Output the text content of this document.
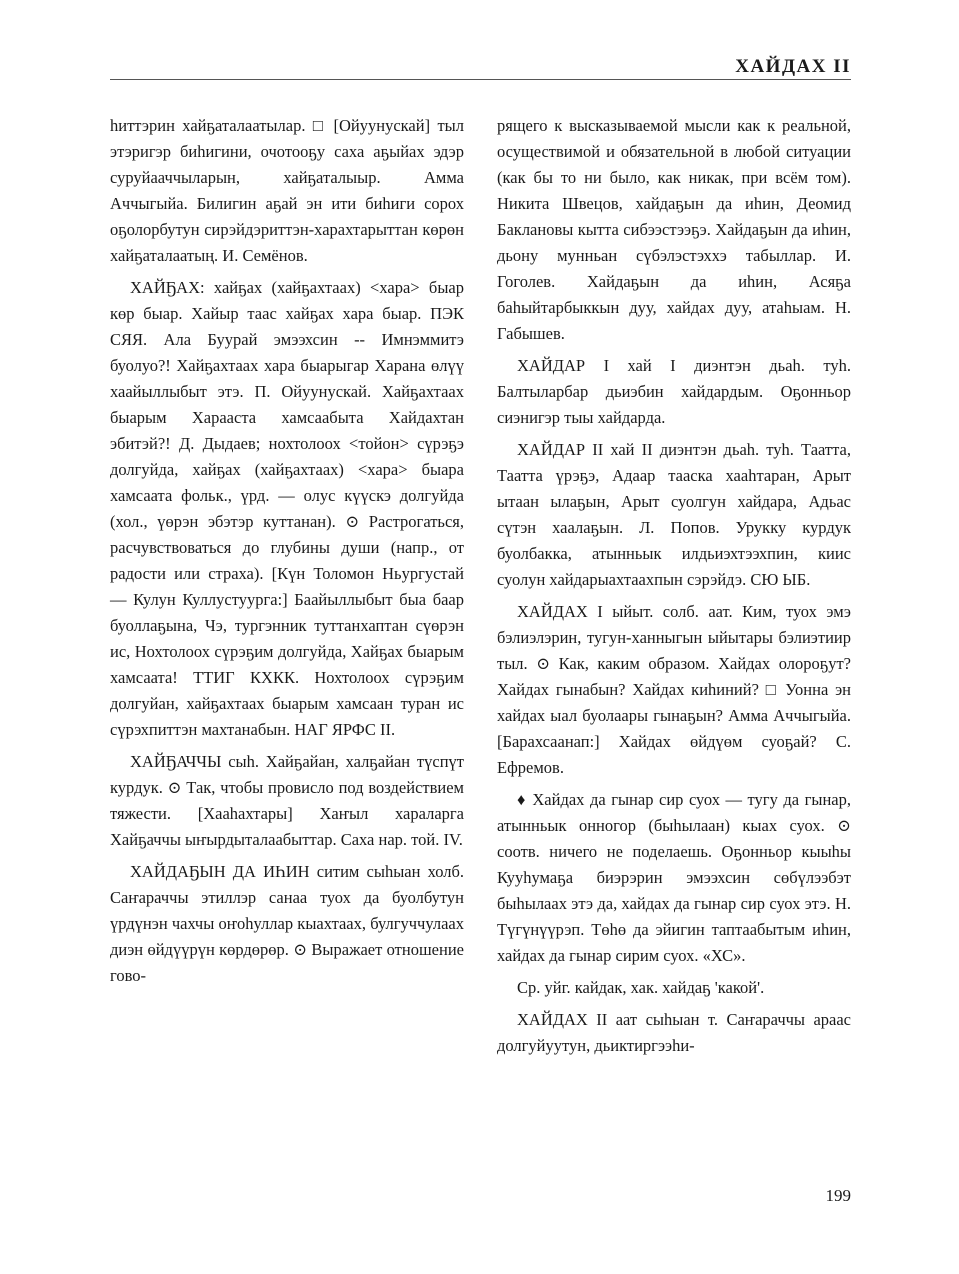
ХАЙДАХ II

һиттэрин хайҕаталаатылар. □ [Ойуунускай] тыл этэригэр биһигини, очотооҕу саха аҕыйах эдэр суруйааччыларын, хайҕаталыыр. Амма Аччыгыйа. Билигин аҕай эн ити биһиги сорох оҕолорбутун сирэйдэриттэн-харахтарыттан көрөн хайҕаталаатың. И. Семёнов.

ХАЙҔАХ: хайҕах (хайҕахтаах) <хара> быар көр быар. Хайыр таас хайҕах хара быар. ПЭК СЯЯ. Ала Буурай эмээхсин -- Имнэммитэ буолуо?! Хайҕахтаах хара быарыгар Харана өлүү хаайыллыбыт этэ. П. Ойуунускай. Хайҕахтаах быарым Харааста хамсаабыта Хайдахтан эбитэй?! Д. Дыдаев; нохтолоох <тойон> сүрэҕэ долгуйда, хайҕах (хайҕахтаах) <хара> быара хамсаата фольк., үрд. — олус күүскэ долгуйда (хол., үөрэн эбэтэр куттанан). ⊙ Растрогаться, расчувствоваться до глубины души (напр., от радости или страха). [Күн Толомон Ньургустай — Кулун Куллустуурга:] Баайыллыбыт быа баар буоллаҕына, Чэ, тургэнник туттанхаптан сүөрэн ис, Нохтолоох сүрэҕим долгуйда, Хайҕах быарым хамсаата! ТТИГ КХКК. Нохтолоох сүрэҕим долгуйан, хайҕахтаах быарым хамсаан туран ис сүрэхпиттэн махтанабын. НАГ ЯРФС II.

ХАЙҔАЧЧЫ сыһ. Хайҕайан, халҕайан түспүт курдук. ⊙ Так, чтобы провисло под воздействием тяжести. [Хааһахтары] Хаҥыл хараларга Хайҕаччы ыҥырдыталаабыттар. Саха нар. той. IV.

ХАЙДАҔЫН ДА ИҺИН ситим сыһыан холб. Саҥараччы этиллэр санаа туох да буолбутун үрдүнэн чахчы оҥоһуллар кыахтаах, булгуччулаах диэн өйдүүрүн көрдөрөр. ⊙ Выражает отношение гово-

рящего к высказываемой мысли как к реальной, осуществимой и обязательной в любой ситуации (как бы то ни было, как никак, при всём том). Никита Швецов, хайдаҕын да иһин, Деомид Баклановы кытта сибээстээҕэ. Хайдаҕын да иһин, дьону мунньан сүбэлэстэххэ табыллар. И. Гоголев. Хайдаҕын да иһин, Асяҕа баһыйтарбыккын дуу, хайдах дуу, атаһыам. Н. Габышев.

ХАЙДАР I хай I диэнтэн дьаһ. туһ. Балтыларбар дьиэбин хайдардым. Оҕонньор сиэнигэр тыы хайдарда.

ХАЙДАР II хай II диэнтэн дьаһ. туһ. Таатта, Таатта үрэҕэ, Адаар тааска хааһтаран, Арыт ытаан ылаҕын, Арыт суолгун хайдара, Адьас сүтэн хаалаҕын. Л. Попов. Урукку курдук буолбакка, атынньык илдьиэхтээхпин, киис суолун хайдарыахтаахпын сэрэйдэ. СЮ ЫБ.

ХАЙДАХ I ыйыт. солб. аат. Ким, туох эмэ бэлиэлэрин, тугун-ханныгын ыйытары бэлиэтиир тыл. ⊙ Как, каким образом. Хайдах олороҕут? Хайдах гынабын? Хайдах киһиний? □ Уонна эн хайдах ыал буолаары гынаҕын? Амма Аччыгыйа. [Барахсаанап:] Хайдах өйдүөм суоҕай? С. Ефремов.

♦ Хайдах да гынар сир суох — тугу да гынар, атынньык онногор (быһылаан) кыах суох. ⊙ соотв. ничего не поделаешь. Оҕонньор кыыһы Кууһумаҕа биэрэрин эмээхсин сөбүлээбэт быһылаах этэ да, хайдах да гынар сир суох этэ. Н. Түгүнүүрэп. Төһө да эйигин таптаабытым иһин, хайдах да гынар сирим суох. «ХС».

Ср. уйг. кайдак, хак. хайдаҕ 'какой'.

ХАЙДАХ II аат сыһыан т. Саҥараччы араас долгуйуутун, дьиктиргээһи-

199
